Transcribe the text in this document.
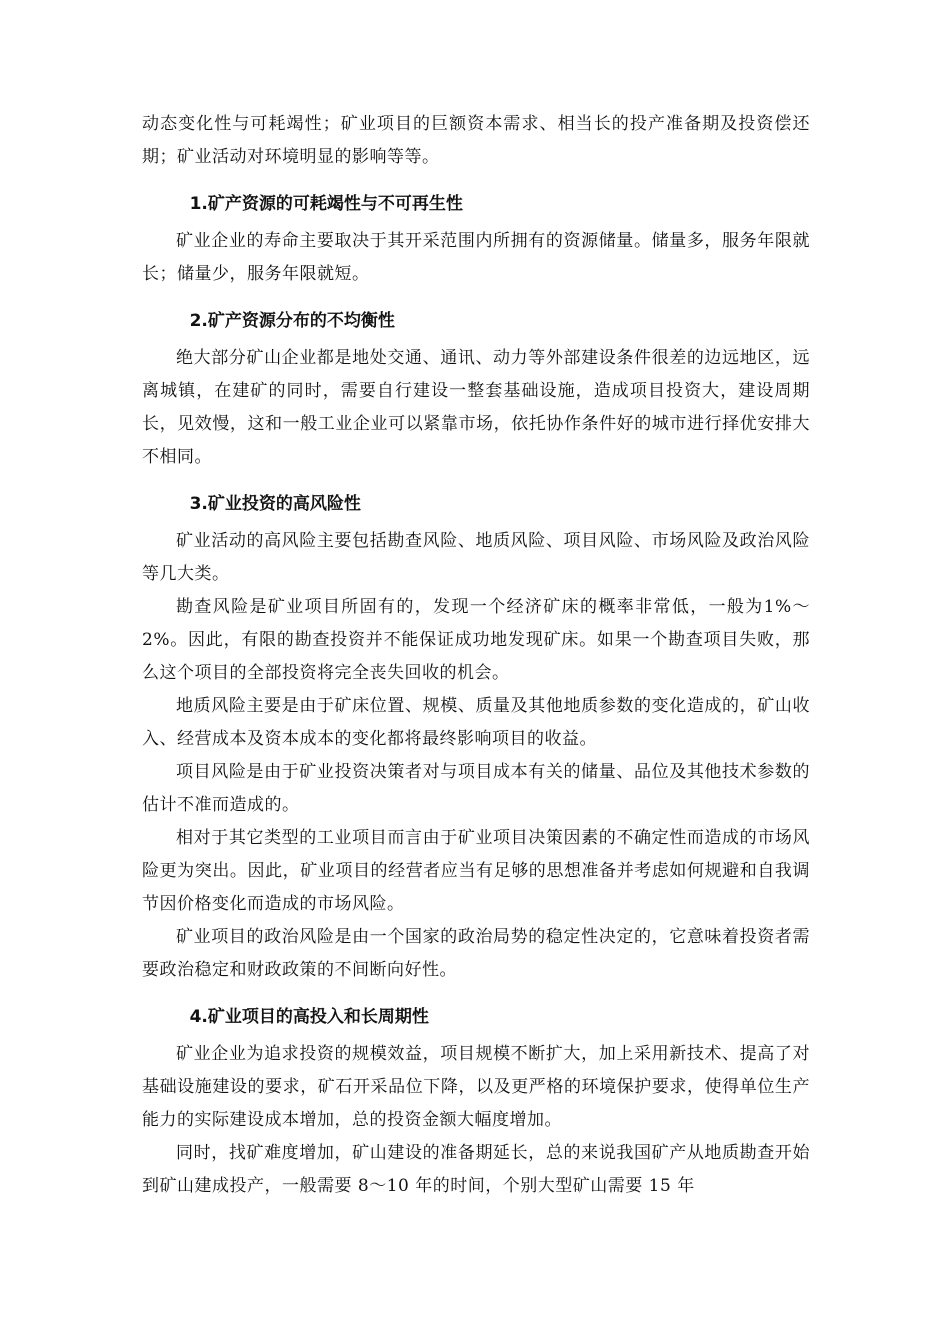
动态变化性与可耗竭性；矿业项目的巨额资本需求、相当长的投产准备期及投资偿还期；矿业活动对环境明显的影响等等。

1.矿产资源的可耗竭性与不可再生性

矿业企业的寿命主要取决于其开采范围内所拥有的资源储量。储量多，服务年限就长；储量少，服务年限就短。

2.矿产资源分布的不均衡性

绝大部分矿山企业都是地处交通、通讯、动力等外部建设条件很差的边远地区，远离城镇，在建矿的同时，需要自行建设一整套基础设施，造成项目投资大，建设周期长，见效慢，这和一般工业企业可以紧靠市场，依托协作条件好的城市进行择优安排大不相同。

3.矿业投资的高风险性

矿业活动的高风险主要包括勘查风险、地质风险、项目风险、市场风险及政治风险等几大类。

勘查风险是矿业项目所固有的，发现一个经济矿床的概率非常低，一般为1%～2%。因此，有限的勘查投资并不能保证成功地发现矿床。如果一个勘查项目失败，那么这个项目的全部投资将完全丧失回收的机会。

地质风险主要是由于矿床位置、规模、质量及其他地质参数的变化造成的，矿山收入、经营成本及资本成本的变化都将最终影响项目的收益。

项目风险是由于矿业投资决策者对与项目成本有关的储量、品位及其他技术参数的估计不准而造成的。

相对于其它类型的工业项目而言由于矿业项目决策因素的不确定性而造成的市场风险更为突出。因此，矿业项目的经营者应当有足够的思想准备并考虑如何规避和自我调节因价格变化而造成的市场风险。

矿业项目的政治风险是由一个国家的政治局势的稳定性决定的，它意味着投资者需要政治稳定和财政政策的不间断向好性。

4.矿业项目的高投入和长周期性

矿业企业为追求投资的规模效益，项目规模不断扩大，加上采用新技术、提高了对基础设施建设的要求，矿石开采品位下降，以及更严格的环境保护要求，使得单位生产能力的实际建设成本增加，总的投资金额大幅度增加。

同时，找矿难度增加，矿山建设的准备期延长，总的来说我国矿产从地质勘查开始到矿山建成投产，一般需要 8～10 年的时间，个别大型矿山需要 15 年
